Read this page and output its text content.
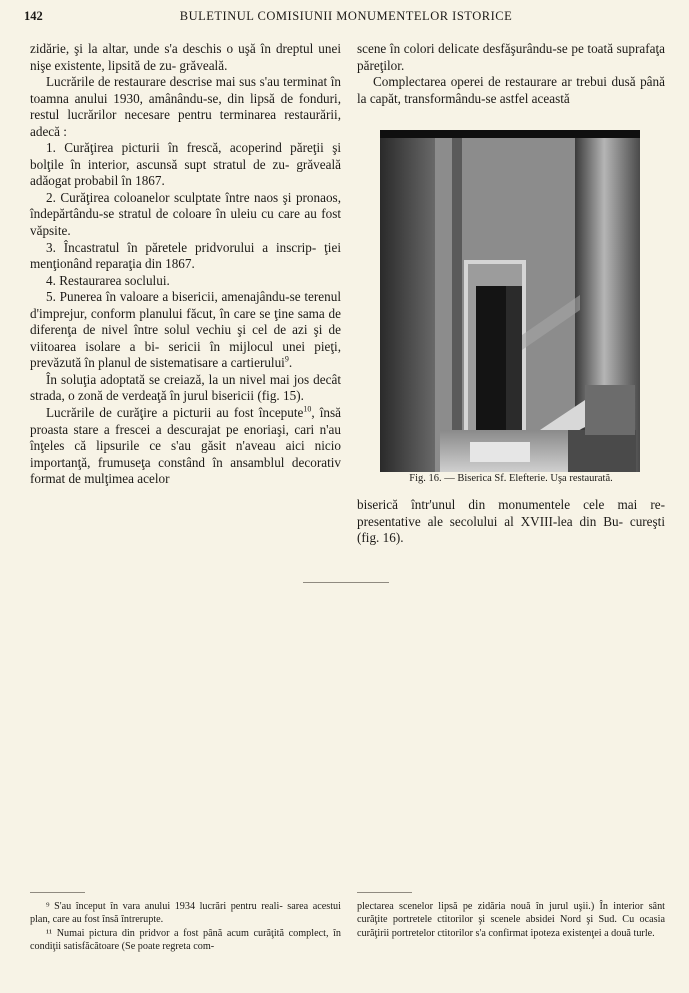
142	BULETINUL COMISIUNII MONUMENTELOR ISTORICE

zidărie, şi la altar, unde s'a deschis o uşă în dreptul unei nişe existente, lipsită de zu- grăveală.

Lucrările de restaurare descrise mai sus s'au terminat în toamna anului 1930, amânându-se, din lipsă de fonduri, restul lucrărilor necesare pentru terminarea restaurării, adecă :

1. Curăţirea picturii în frescă, acoperind păreţii şi bolţile în interior, ascunsă supt stratul de zu- grăveală adăogat probabil în 1867.

2. Curăţirea coloanelor sculptate între naos şi pronaos, îndepărtându-se stratul de coloare în uleiu cu care au fost văpsite.

3. Încastratul în păretele pridvorului a inscrip- ţiei menţionând reparaţia din 1867.

4. Restaurarea soclului.

5. Punerea în valoare a bisericii, amenajându-se terenul d'imprejur, conform planului făcut, în care se ţine sama de diferenţa de nivel între solul vechiu şi cel de azi şi de viitoarea isolare a bi- sericii în mijlocul unei pieţi, prevăzută în planul de sistematisare a cartierului$^9$.

În soluţia adoptată se creiază, la un nivel mai jos decât strada, o zonă de verdeaţă în jurul bisericii (fig. 15).

Lucrările de curăţire a picturii au fost începute$^{10}$, însă proasta stare a frescei a descurajat pe enoriaşi, cari n'au înţeles că lipsurile ce s'au găsit n'aveau aici nicio importanţă, frumuseţa constând în ansamblul decorativ format de mulţimea acelor

scene în colori delicate desfăşurându-se pe toată suprafaţa păreţilor.

Complectarea operei de restaurare ar trebui dusă până la capăt, transformându-se astfel această

Fig. 16. — Biserica Sf. Elefterie. Uşa restaurată.

biserică într'unul din monumentele cele mai re- presentative ale secolului al XVIII-lea din Bu- cureşti (fig. 16).

⁹ S'au început în vara anului 1934 lucrări pentru reali- sarea acestui plan, care au fost însă întrerupte.

¹¹ Numai pictura din pridvor a fost până acum curăţită complect, în condiţii satisfăcătoare (Se poate regreta com-

plectarea scenelor lipsă pe zidăria nouă în jurul uşii.) În interior sânt curăţite portretele ctitorilor şi scenele absidei Nord şi Sud. Cu ocasia curăţirii portretelor ctitorilor s'a confirmat ipoteza existenţei a două turle.
